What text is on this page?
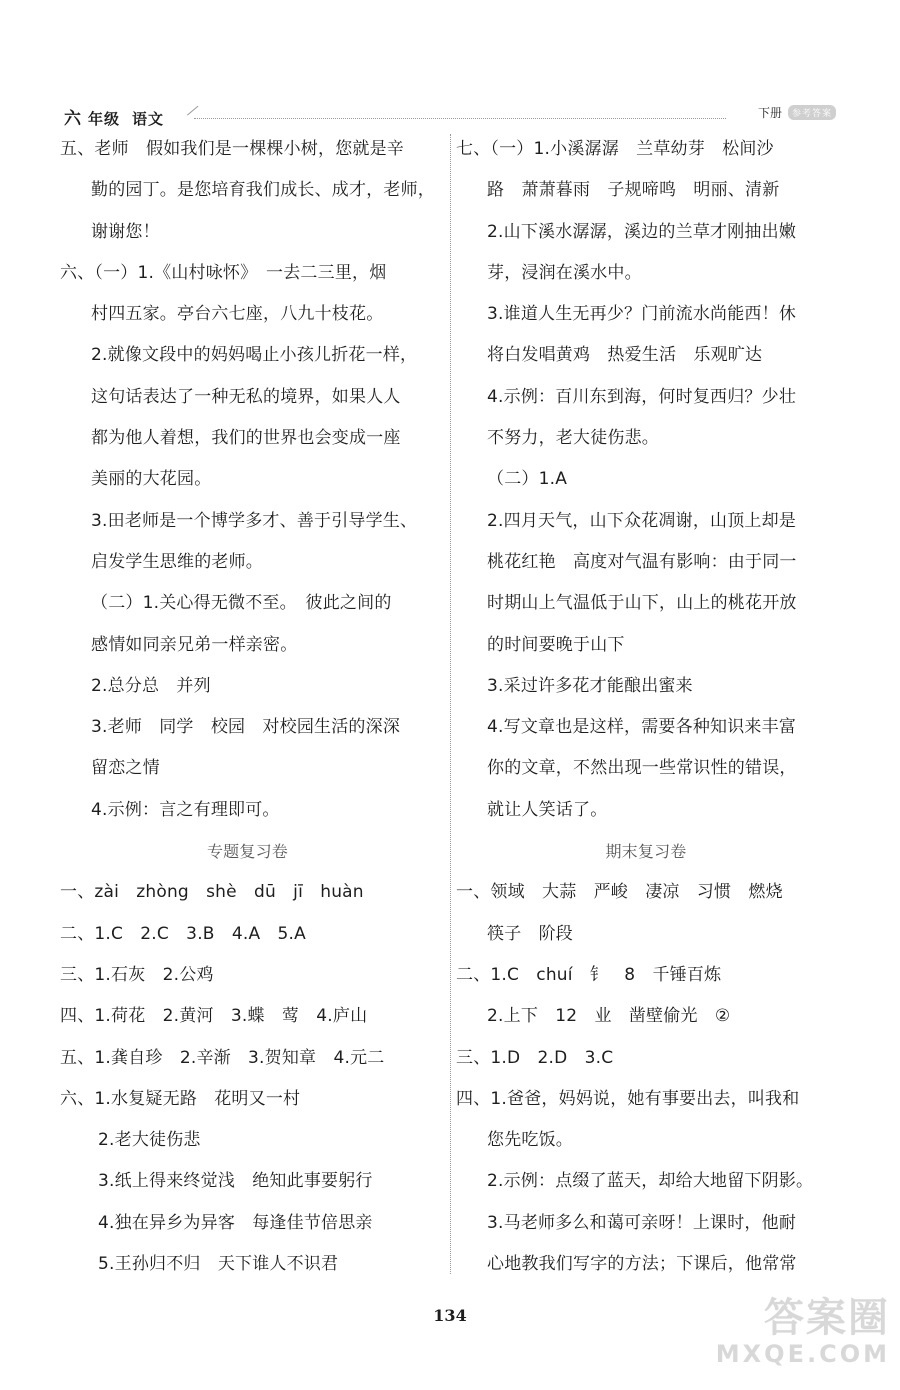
六 年级 语文	下册	参考答案
五、老师　假如我们是一棵棵小树，您就是辛
勤的园丁。是您培育我们成长、成才，老师，
谢谢您！
六、（一）1.《山村咏怀》　一去二三里，烟
村四五家。亭台六七座，八九十枝花。
2.就像文段中的妈妈喝止小孩儿折花一样，
这句话表达了一种无私的境界，如果人人
都为他人着想，我们的世界也会变成一座
美丽的大花园。
3.田老师是一个博学多才、善于引导学生、
启发学生思维的老师。
（二）1.关心得无微不至。　彼此之间的
感情如同亲兄弟一样亲密。
2.总分总　并列
3.老师　同学　校园　对校园生活的深深
留恋之情
4.示例：言之有理即可。
专题复习卷
一、zài　zhòng　shè　dū　jī　huàn
二、1.C　2.C　3.B　4.A　5.A
三、1.石灰　2.公鸡
四、1.荷花　2.黄河　3.蝶　莺　4.庐山
五、1.龚自珍　2.辛渐　3.贺知章　4.元二
六、1.水复疑无路　花明又一村
2.老大徒伤悲
3.纸上得来终觉浅　绝知此事要躬行
4.独在异乡为异客　每逢佳节倍思亲
5.王孙归不归　天下谁人不识君
七、（一）1.小溪潺潺　兰草幼芽　松间沙
路　萧萧暮雨　子规啼鸣　明丽、清新
2.山下溪水潺潺，溪边的兰草才刚抽出嫩
芽，浸润在溪水中。
3.谁道人生无再少？门前流水尚能西！休
将白发唱黄鸡　热爱生活　乐观旷达
4.示例：百川东到海，何时复西归？少壮
不努力，老大徒伤悲。
（二）1.A
2.四月天气，山下众花凋谢，山顶上却是
桃花红艳　高度对气温有影响：由于同一
时期山上气温低于山下，山上的桃花开放
的时间要晚于山下
3.采过许多花才能酿出蜜来
4.写文章也是这样，需要各种知识来丰富
你的文章，不然出现一些常识性的错误，
就让人笑话了。
期末复习卷
一、领域　大蒜　严峻　凄凉　习惯　燃烧
筷子　阶段
二、1.C　chuí　钅　8　千锤百炼
2.上下　12　业　凿壁偷光　②
三、1.D　2.D　3.C
四、1.爸爸，妈妈说，她有事要出去，叫我和
您先吃饭。
2.示例：点缀了蓝天，却给大地留下阴影。
3.马老师多么和蔼可亲呀！上课时，他耐
心地教我们写字的方法；下课后，他常常
134	答案圈
MXQE.COM
